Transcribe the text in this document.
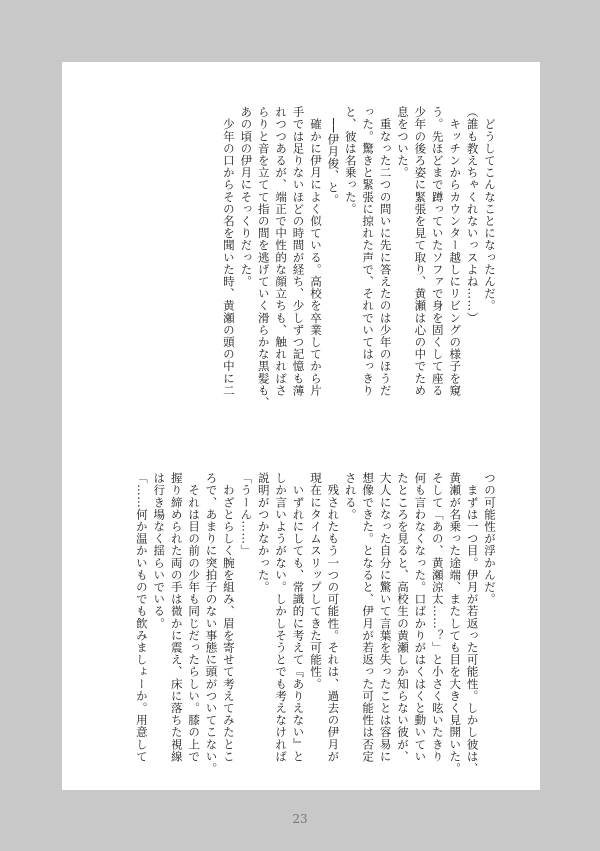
　どうしてこんなことになったんだ。

（誰も教えちゃくれないっスよね……）

　キッチンからカウンター越しにリビングの様子を窺

う。先ほどまで蹲っていたソファで身を固くして座る

少年の後ろ姿に緊張を見て取り、黄瀬は心の中でため

息をついた。

　重なった二つの問いに先に答えたのは少年のほうだ

った。驚きと緊張に掠れた声で、それでいてはっきり

と、彼は名乗った。

　──伊月俊、と。

　確かに伊月によく似ている。高校を卒業してから片

手では足りないほどの時間が経ち、少しずつ記憶も薄

れつつあるが、端正で中性的な顔立ちも、触れればさ

らりと音を立てて指の間を逃げていく滑らかな黒髪も、

あの頃の伊月にそっくりだった。

　少年の口からその名を聞いた時、黄瀬の頭の中に二

つの可能性が浮かんだ。

　まずは一つ目。伊月が若返った可能性。しかし彼は、

黄瀬が名乗った途端、またしても目を大きく見開いた。

そして「あの、黄瀬涼太……？」と小さく呟いたきり

何も言わなくなった。口ばかりがはくはくと動いてい

たところを見ると、高校生の黄瀬しか知らない彼が、

大人になった自分に驚いて言葉を失ったことは容易に

想像できた。となると、伊月が若返った可能性は否定

される。

　残されたもう一つの可能性。それは、過去の伊月が

現在にタイムスリップしてきた可能性。

　いずれにしても、常識的に考えて『ありえない』と

しか言いようがない。しかしそうとでも考えなければ

説明がつかなかった。

「うーん……」

　わざとらしく腕を組み、眉を寄せて考えてみたとこ

ろで、あまりに突拍子のない事態に頭がついてこない。

　それは目の前の少年も同じだったらしい。膝の上で

握り締められた両の手は微かに震え、床に落ちた視線

は行き場なく揺らいでいる。

「……何か温かいものでも飲みましょーか。用意して

23
